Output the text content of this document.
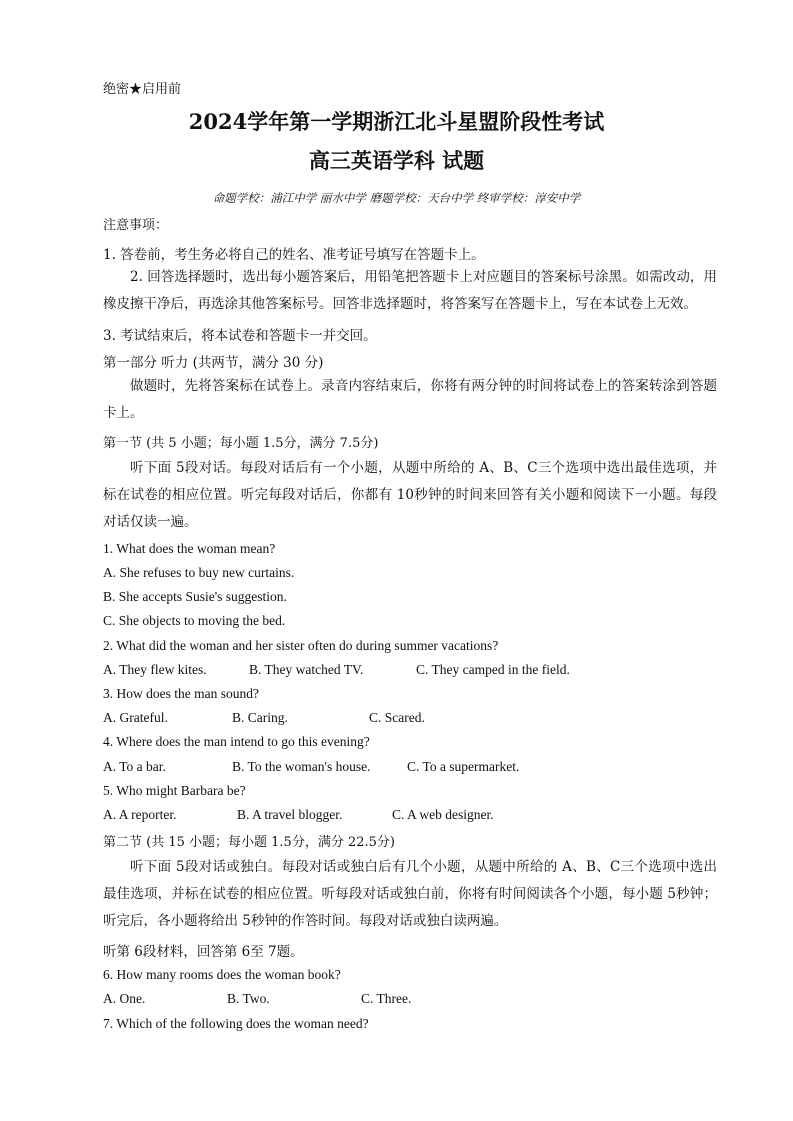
绝密★启用前
2024学年第一学期浙江北斗星盟阶段性考试
高三英语学科 试题
命题学校：浦江中学 丽水中学 磨题学校：天台中学 终审学校：淳安中学
注意事项：
1. 答卷前，考生务必将自己的姓名、准考证号填写在答题卡上。
2. 回答选择题时，选出每小题答案后，用铅笔把答题卡上对应题目的答案标号涂黑。如需改动，用橡皮擦干净后，再选涂其他答案标号。回答非选择题时，将答案写在答题卡上，写在本试卷上无效。
3. 考试结束后，将本试卷和答题卡一并交回。
第一部分 听力 (共两节，满分 30 分)
做题时，先将答案标在试卷上。录音内容结束后，你将有两分钟的时间将试卷上的答案转涂到答题卡上。
第一节 (共 5 小题；每小题 1.5分，满分 7.5分)
听下面 5段对话。每段对话后有一个小题，从题中所给的 A、B、C三个选项中选出最佳选项，并标在试卷的相应位置。听完每段对话后，你都有 10秒钟的时间来回答有关小题和阅读下一小题。每段对话仅读一遍。
1. What does the woman mean?
A. She refuses to buy new curtains.
B. She accepts Susie's suggestion.
C. She objects to moving the bed.
2. What did the woman and her sister often do during summer vacations?
A. They flew kites.	B. They watched TV.	C. They camped in the field.
3. How does the man sound?
A. Grateful.	B. Caring.	C. Scared.
4. Where does the man intend to go this evening?
A. To a bar.	B. To the woman's house.	C. To a supermarket.
5. Who might Barbara be?
A. A reporter.	B. A travel blogger.	C. A web designer.
第二节 (共 15 小题；每小题 1.5分，满分 22.5分)
听下面 5段对话或独白。每段对话或独白后有几个小题，从题中所给的 A、B、C三个选项中选出最佳选项，并标在试卷的相应位置。听每段对话或独白前，你将有时间阅读各个小题，每小题 5秒钟；听完后，各小题将给出 5秒钟的作答时间。每段对话或独白读两遍。
听第 6段材料，回答第 6至 7题。
6. How many rooms does the woman book?
A. One.	B. Two.	C. Three.
7. Which of the following does the woman need?
